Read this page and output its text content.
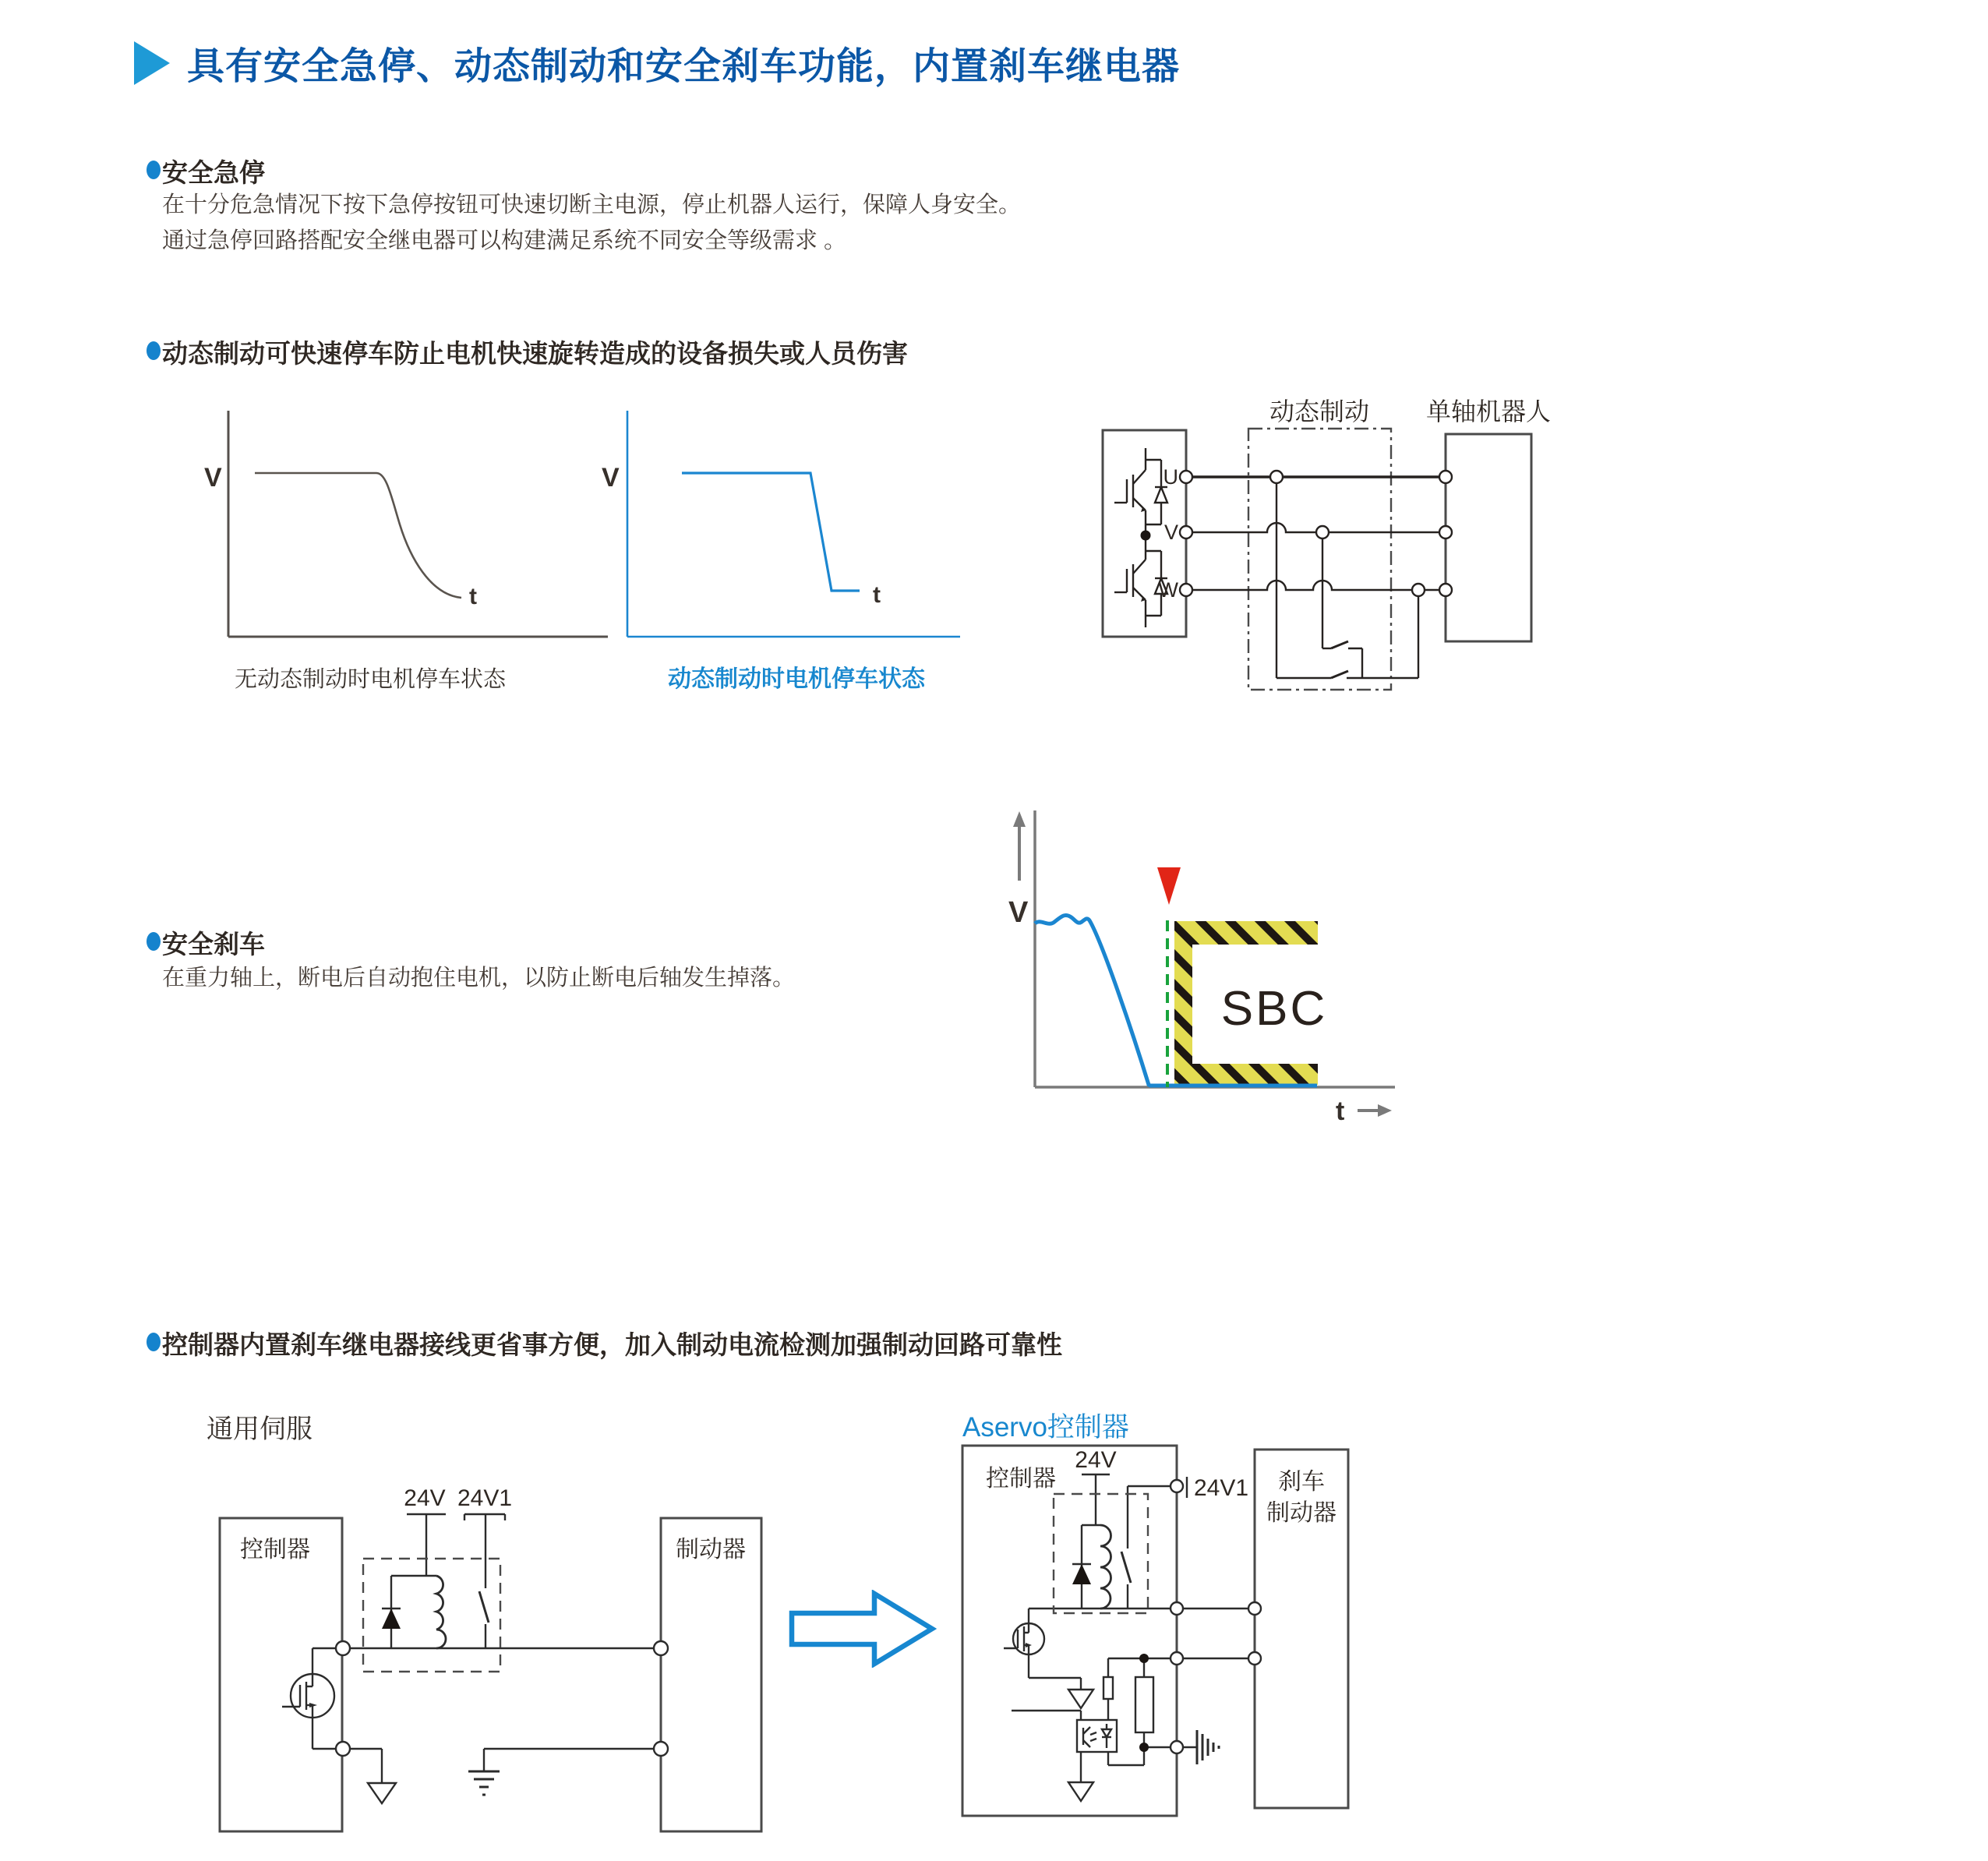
具有安全急停、动态制动和安全刹车功能，内置刹车继电器
安全急停
在十分危急情况下按下急停按钮可快速切断主电源，停止机器人运行，保障人身安全。
通过急停回路搭配安全继电器可以构建满足系统不同安全等级需求 。
动态制动可快速停车防止电机快速旋转造成的设备损失或人员伤害
V
t
无动态制动时电机停车状态
V
t
动态制动时电机停车状态
动态制动 单轴机器人
U
V
W
安全刹车
在重力轴上，断电后自动抱住电机，以防止断电后轴发生掉落。
V
SBC
t
控制器内置刹车继电器接线更省事方便，加入制动电流检测加强制动回路可靠性
通用伺服
24V 24V1
控制器	制动器
Aservo控制器
24V
24V1
控制器	刹车
制动器
